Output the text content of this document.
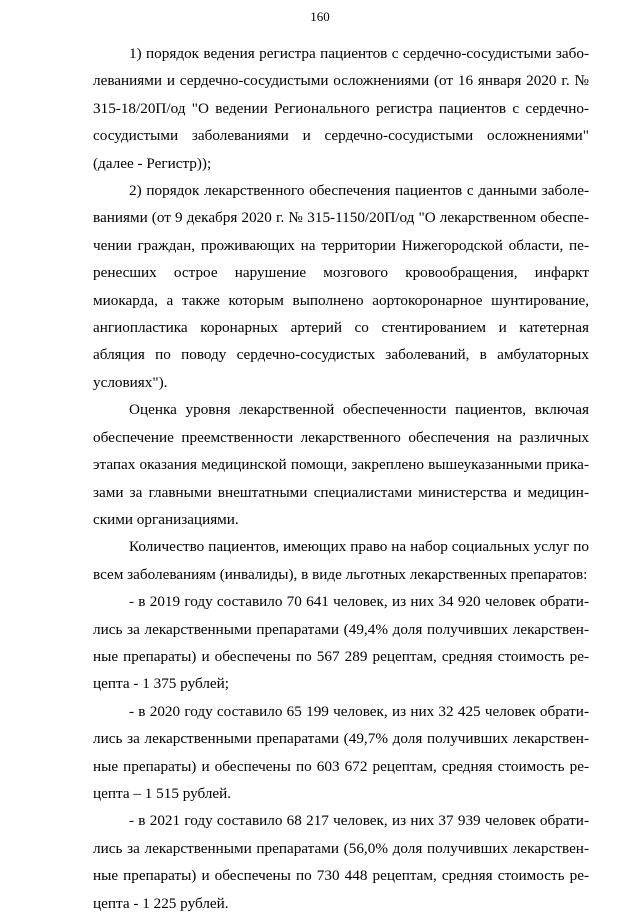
160

1) порядок ведения регистра пациентов с сердечно-сосудистыми заболеваниями и сердечно-сосудистыми осложнениями (от 16 января 2020 г. № 315-18/20П/од "О ведении Регионального регистра пациентов с сердечно-сосудистыми заболеваниями и сердечно-сосудистыми осложнениями" (далее - Регистр));

2) порядок лекарственного обеспечения пациентов с данными заболеваниями (от 9 декабря 2020 г. № 315-1150/20П/од "О лекарственном обеспечении граждан, проживающих на территории Нижегородской области, перенесших острое нарушение мозгового кровообращения, инфаркт миокарда, а также которым выполнено аортокоронарное шунтирование, ангиопластика коронарных артерий со стентированием и катетерная абляция по поводу сердечно-сосудистых заболеваний, в амбулаторных условиях").

Оценка уровня лекарственной обеспеченности пациентов, включая обеспечение преемственности лекарственного обеспечения на различных этапах оказания медицинской помощи, закреплено вышеуказанными приказами за главными внештатными специалистами министерства и медицинскими организациями.

Количество пациентов, имеющих право на набор социальных услуг по всем заболеваниям (инвалиды), в виде льготных лекарственных препаратов:

- в 2019 году составило 70 641 человек, из них 34 920 человек обратились за лекарственными препаратами (49,4% доля получивших лекарственные препараты) и обеспечены по 567 289 рецептам, средняя стоимость рецепта - 1 375 рублей;

- в 2020 году составило 65 199 человек, из них 32 425 человек обратились за лекарственными препаратами (49,7% доля получивших лекарственные препараты) и обеспечены по 603 672 рецептам, средняя стоимость рецепта – 1 515 рублей.

- в 2021 году составило 68 217 человек, из них 37 939 человек обратились за лекарственными препаратами (56,0% доля получивших лекарственные препараты) и обеспечены по 730 448 рецептам, средняя стоимость рецепта - 1 225 рублей.
